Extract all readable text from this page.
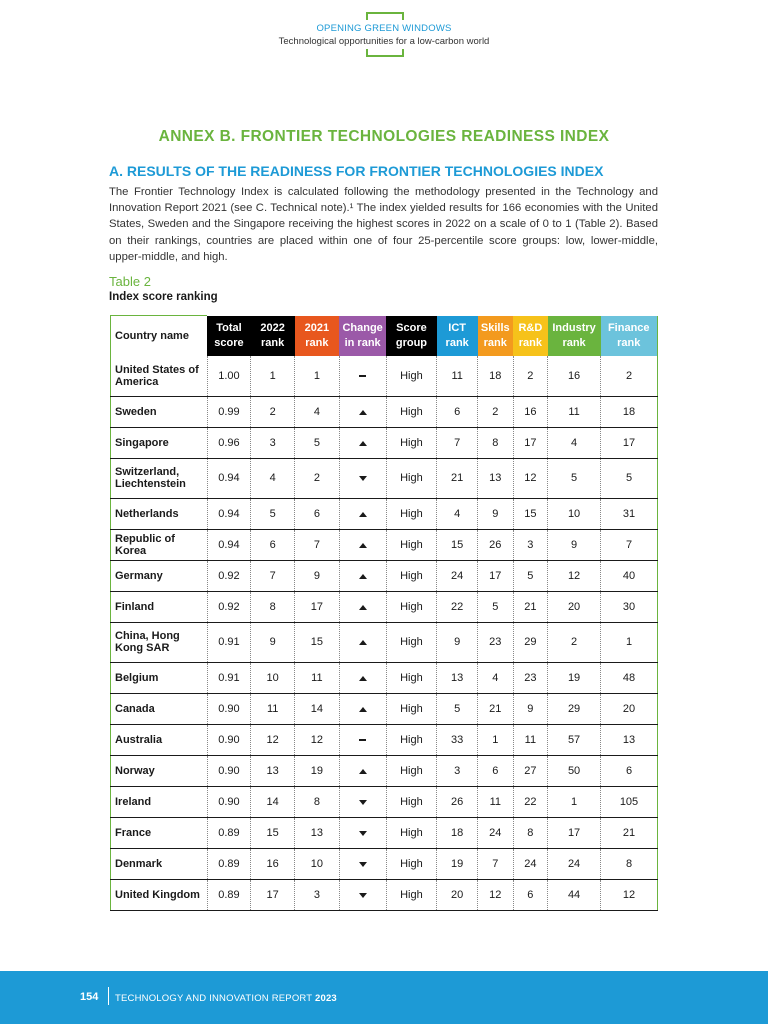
OPENING GREEN WINDOWS
Technological opportunities for a low-carbon world
ANNEX B. FRONTIER TECHNOLOGIES READINESS INDEX
A. RESULTS OF THE READINESS FOR FRONTIER TECHNOLOGIES INDEX
The Frontier Technology Index is calculated following the methodology presented in the Technology and Innovation Report 2021 (see C. Technical note).¹ The index yielded results for 166 economies with the United States, Sweden and the Singapore receiving the highest scores in 2022 on a scale of 0 to 1 (Table 2). Based on their rankings, countries are placed within one of four 25-percentile score groups: low, lower-middle, upper-middle, and high.
Table 2
Index score ranking
Country name	Total score	2022 rank	2021 rank	Change in rank	Score group	ICT rank	Skills rank	R&D rank	Industry rank	Finance rank
United States of America	1.00	1	1		High	11	18	2	16	2
Sweden	0.99	2	4		High	6	2	16	11	18
Singapore	0.96	3	5		High	7	8	17	4	17
Switzerland, Liechtenstein	0.94	4	2		High	21	13	12	5	5
Netherlands	0.94	5	6		High	4	9	15	10	31
Republic of Korea	0.94	6	7		High	15	26	3	9	7
Germany	0.92	7	9		High	24	17	5	12	40
Finland	0.92	8	17		High	22	5	21	20	30
China, Hong Kong SAR	0.91	9	15		High	9	23	29	2	1
Belgium	0.91	10	11		High	13	4	23	19	48
Canada	0.90	11	14		High	5	21	9	29	20
Australia	0.90	12	12		High	33	1	11	57	13
Norway	0.90	13	19		High	3	6	27	50	6
Ireland	0.90	14	8		High	26	11	22	1	105
France	0.89	15	13		High	18	24	8	17	21
Denmark	0.89	16	10		High	19	7	24	24	8
United Kingdom	0.89	17	3		High	20	12	6	44	12
154 TECHNOLOGY AND INNOVATION REPORT 2023
